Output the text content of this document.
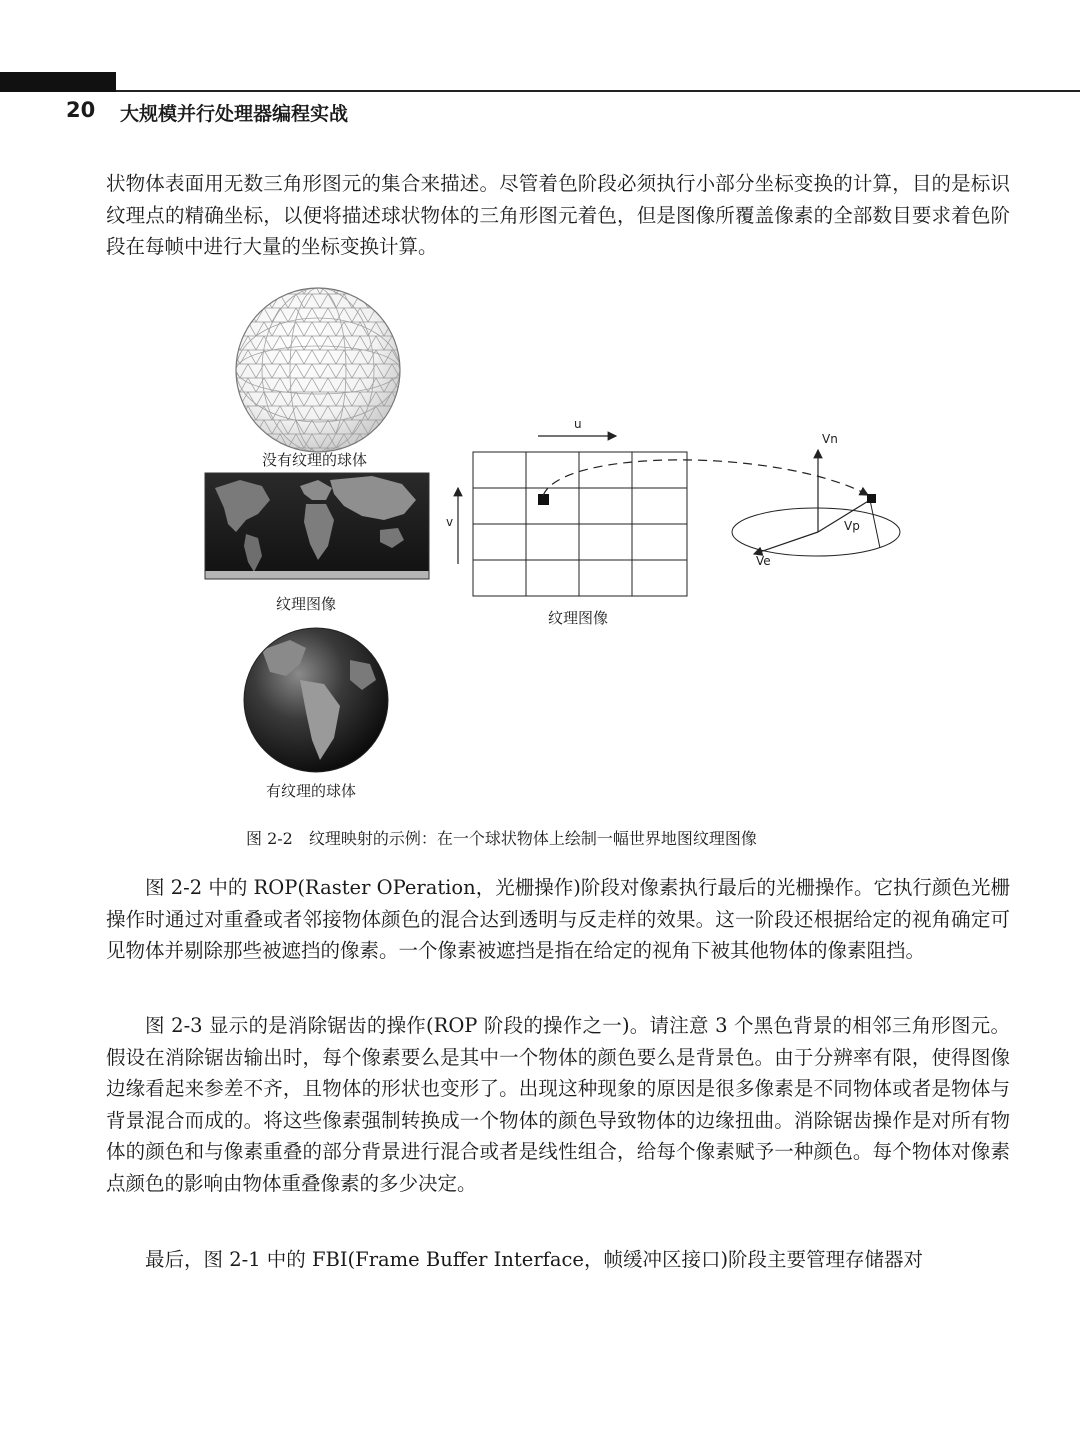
20 大规模并行处理器编程实战

状物体表面用无数三角形图元的集合来描述。尽管着色阶段必须执行小部分坐标变换的计算，目的是标识纹理点的精确坐标，以便将描述球状物体的三角形图元着色，但是图像所覆盖像素的全部数目要求着色阶段在每帧中进行大量的坐标变换计算。

u
v
Vn
Vp
Ve
没有纹理的球体
纹理图像
纹理图像
有纹理的球体
图 2-2　纹理映射的示例：在一个球状物体上绘制一幅世界地图纹理图像

图 2-2 中的 ROP(Raster OPeration，光栅操作)阶段对像素执行最后的光栅操作。它执行颜色光栅操作时通过对重叠或者邻接物体颜色的混合达到透明与反走样的效果。这一阶段还根据给定的视角确定可见物体并剔除那些被遮挡的像素。一个像素被遮挡是指在给定的视角下被其他物体的像素阻挡。

图 2-3 显示的是消除锯齿的操作(ROP 阶段的操作之一)。请注意 3 个黑色背景的相邻三角形图元。假设在消除锯齿输出时，每个像素要么是其中一个物体的颜色要么是背景色。由于分辨率有限，使得图像边缘看起来参差不齐，且物体的形状也变形了。出现这种现象的原因是很多像素是不同物体或者是物体与背景混合而成的。将这些像素强制转换成一个物体的颜色导致物体的边缘扭曲。消除锯齿操作是对所有物体的颜色和与像素重叠的部分背景进行混合或者是线性组合，给每个像素赋予一种颜色。每个物体对像素点颜色的影响由物体重叠像素的多少决定。

最后，图 2-1 中的 FBI(Frame Buffer Interface，帧缓冲区接口)阶段主要管理存储器对
